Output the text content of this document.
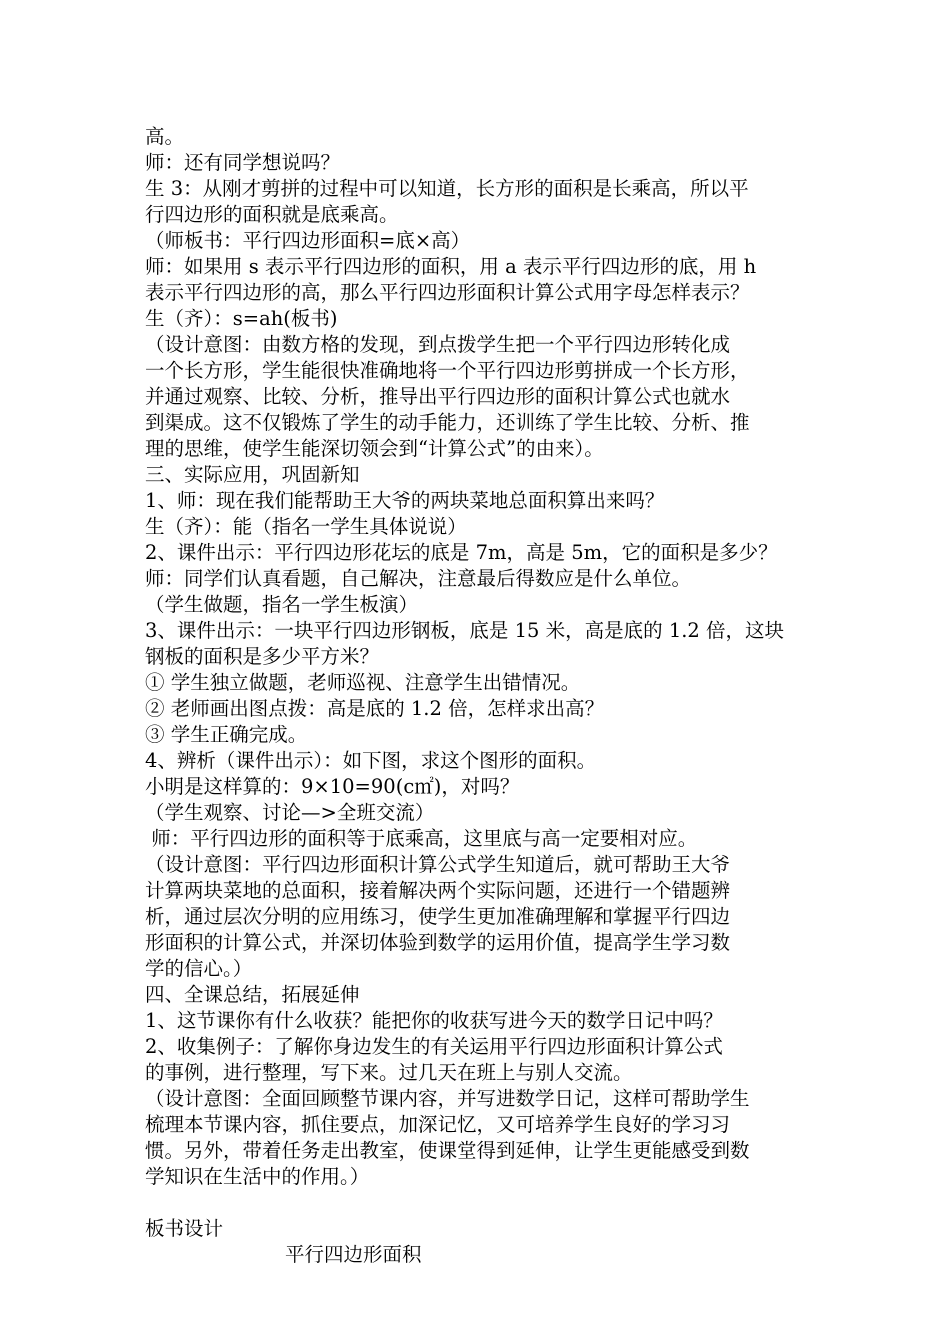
高。
师：还有同学想说吗？
生 3：从刚才剪拼的过程中可以知道，长方形的面积是长乘高，所以平
行四边形的面积就是底乘高。
（师板书：平行四边形面积=底×高）
师：如果用 s 表示平行四边形的面积，用 a 表示平行四边形的底，用 h
表示平行四边形的高，那么平行四边形面积计算公式用字母怎样表示？
生（齐）：s=ah(板书)
（设计意图：由数方格的发现，到点拨学生把一个平行四边形转化成
一个长方形，学生能很快准确地将一个平行四边形剪拼成一个长方形，
并通过观察、比较、分析，推导出平行四边形的面积计算公式也就水
到渠成。这不仅锻炼了学生的动手能力，还训练了学生比较、分析、推
理的思维，使学生能深切领会到“计算公式”的由来）。
三、实际应用，巩固新知
1、师：现在我们能帮助王大爷的两块菜地总面积算出来吗？
生（齐）：能（指名一学生具体说说）
2、课件出示：平行四边形花坛的底是 7m，高是 5m，它的面积是多少？
师：同学们认真看题，自己解决，注意最后得数应是什么单位。
（学生做题，指名一学生板演）
3、课件出示：一块平行四边形钢板，底是 15 米，高是底的 1.2 倍，这块
钢板的面积是多少平方米？
① 学生独立做题，老师巡视、注意学生出错情况。
② 老师画出图点拨：高是底的 1.2 倍，怎样求出高？
③ 学生正确完成。
4、辨析（课件出示）：如下图，求这个图形的面积。
小明是这样算的：9×10=90(c㎡)，对吗？
（学生观察、讨论—>全班交流）
师：平行四边形的面积等于底乘高，这里底与高一定要相对应。
（设计意图：平行四边形面积计算公式学生知道后，就可帮助王大爷
计算两块菜地的总面积，接着解决两个实际问题，还进行一个错题辨
析，通过层次分明的应用练习，使学生更加准确理解和掌握平行四边
形面积的计算公式，并深切体验到数学的运用价值，提高学生学习数
学的信心。）
四、全课总结，拓展延伸
1、这节课你有什么收获？能把你的收获写进今天的数学日记中吗？
2、收集例子：了解你身边发生的有关运用平行四边形面积计算公式
的事例，进行整理，写下来。过几天在班上与别人交流。
（设计意图：全面回顾整节课内容，并写进数学日记，这样可帮助学生
梳理本节课内容，抓住要点，加深记忆，又可培养学生良好的学习习
惯。另外，带着任务走出教室，使课堂得到延伸，让学生更能感受到数
学知识在生活中的作用。）
板书设计
平行四边形面积
